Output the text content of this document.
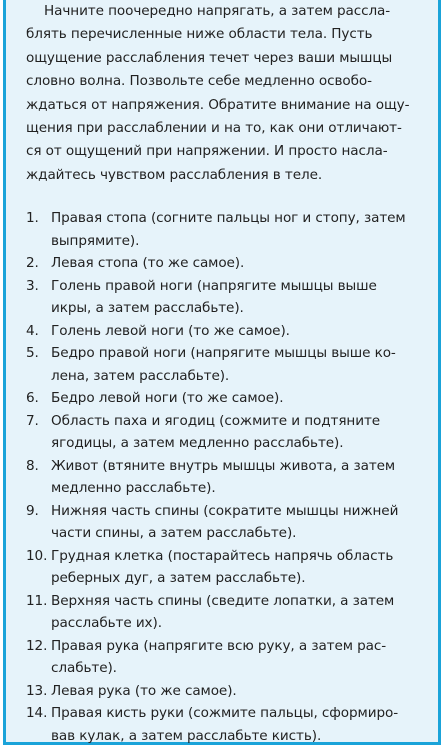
Начните поочередно напрягать, а затем рассла-
блять перечисленные ниже области тела. Пусть
ощущение расслабления течет через ваши мышцы
словно волна. Позвольте себе медленно освобо-
ждаться от напряжения. Обратите внимание на ощу-
щения при расслаблении и на то, как они отличают-
ся от ощущений при напряжении. И просто наслa-
ждайтесь чувством расслабления в теле.

1. Правая стопа (согните пальцы ног и стопу, затем
выпрямите).
2. Левая стопа (то же самое).
3. Голень правой ноги (напрягите мышцы выше
икры, а затем расслабьте).
4. Голень левой ноги (то же самое).
5. Бедро правой ноги (напрягите мышцы выше ко-
лена, затем расслабьте).
6. Бедро левой ноги (то же самое).
7. Область паха и ягодиц (сожмите и подтяните
ягодицы, а затем медленно расслабьте).
8. Живот (втяните внутрь мышцы живота, а затем
медленно расслабьте).
9. Нижняя часть спины (сократите мышцы нижней
части спины, а затем расслабьте).
10. Грудная клетка (постарайтесь напрячь область
реберных дуг, а затем расслабьте).
11. Верхняя часть спины (сведите лопатки, а затем
расслабьте их).
12. Правая рука (напрягите всю руку, а затем рас-
слабьте).
13. Левая рука (то же самое).
14. Правая кисть руки (сожмите пальцы, сформиро-
вав кулак, а затем расслабьте кисть).
